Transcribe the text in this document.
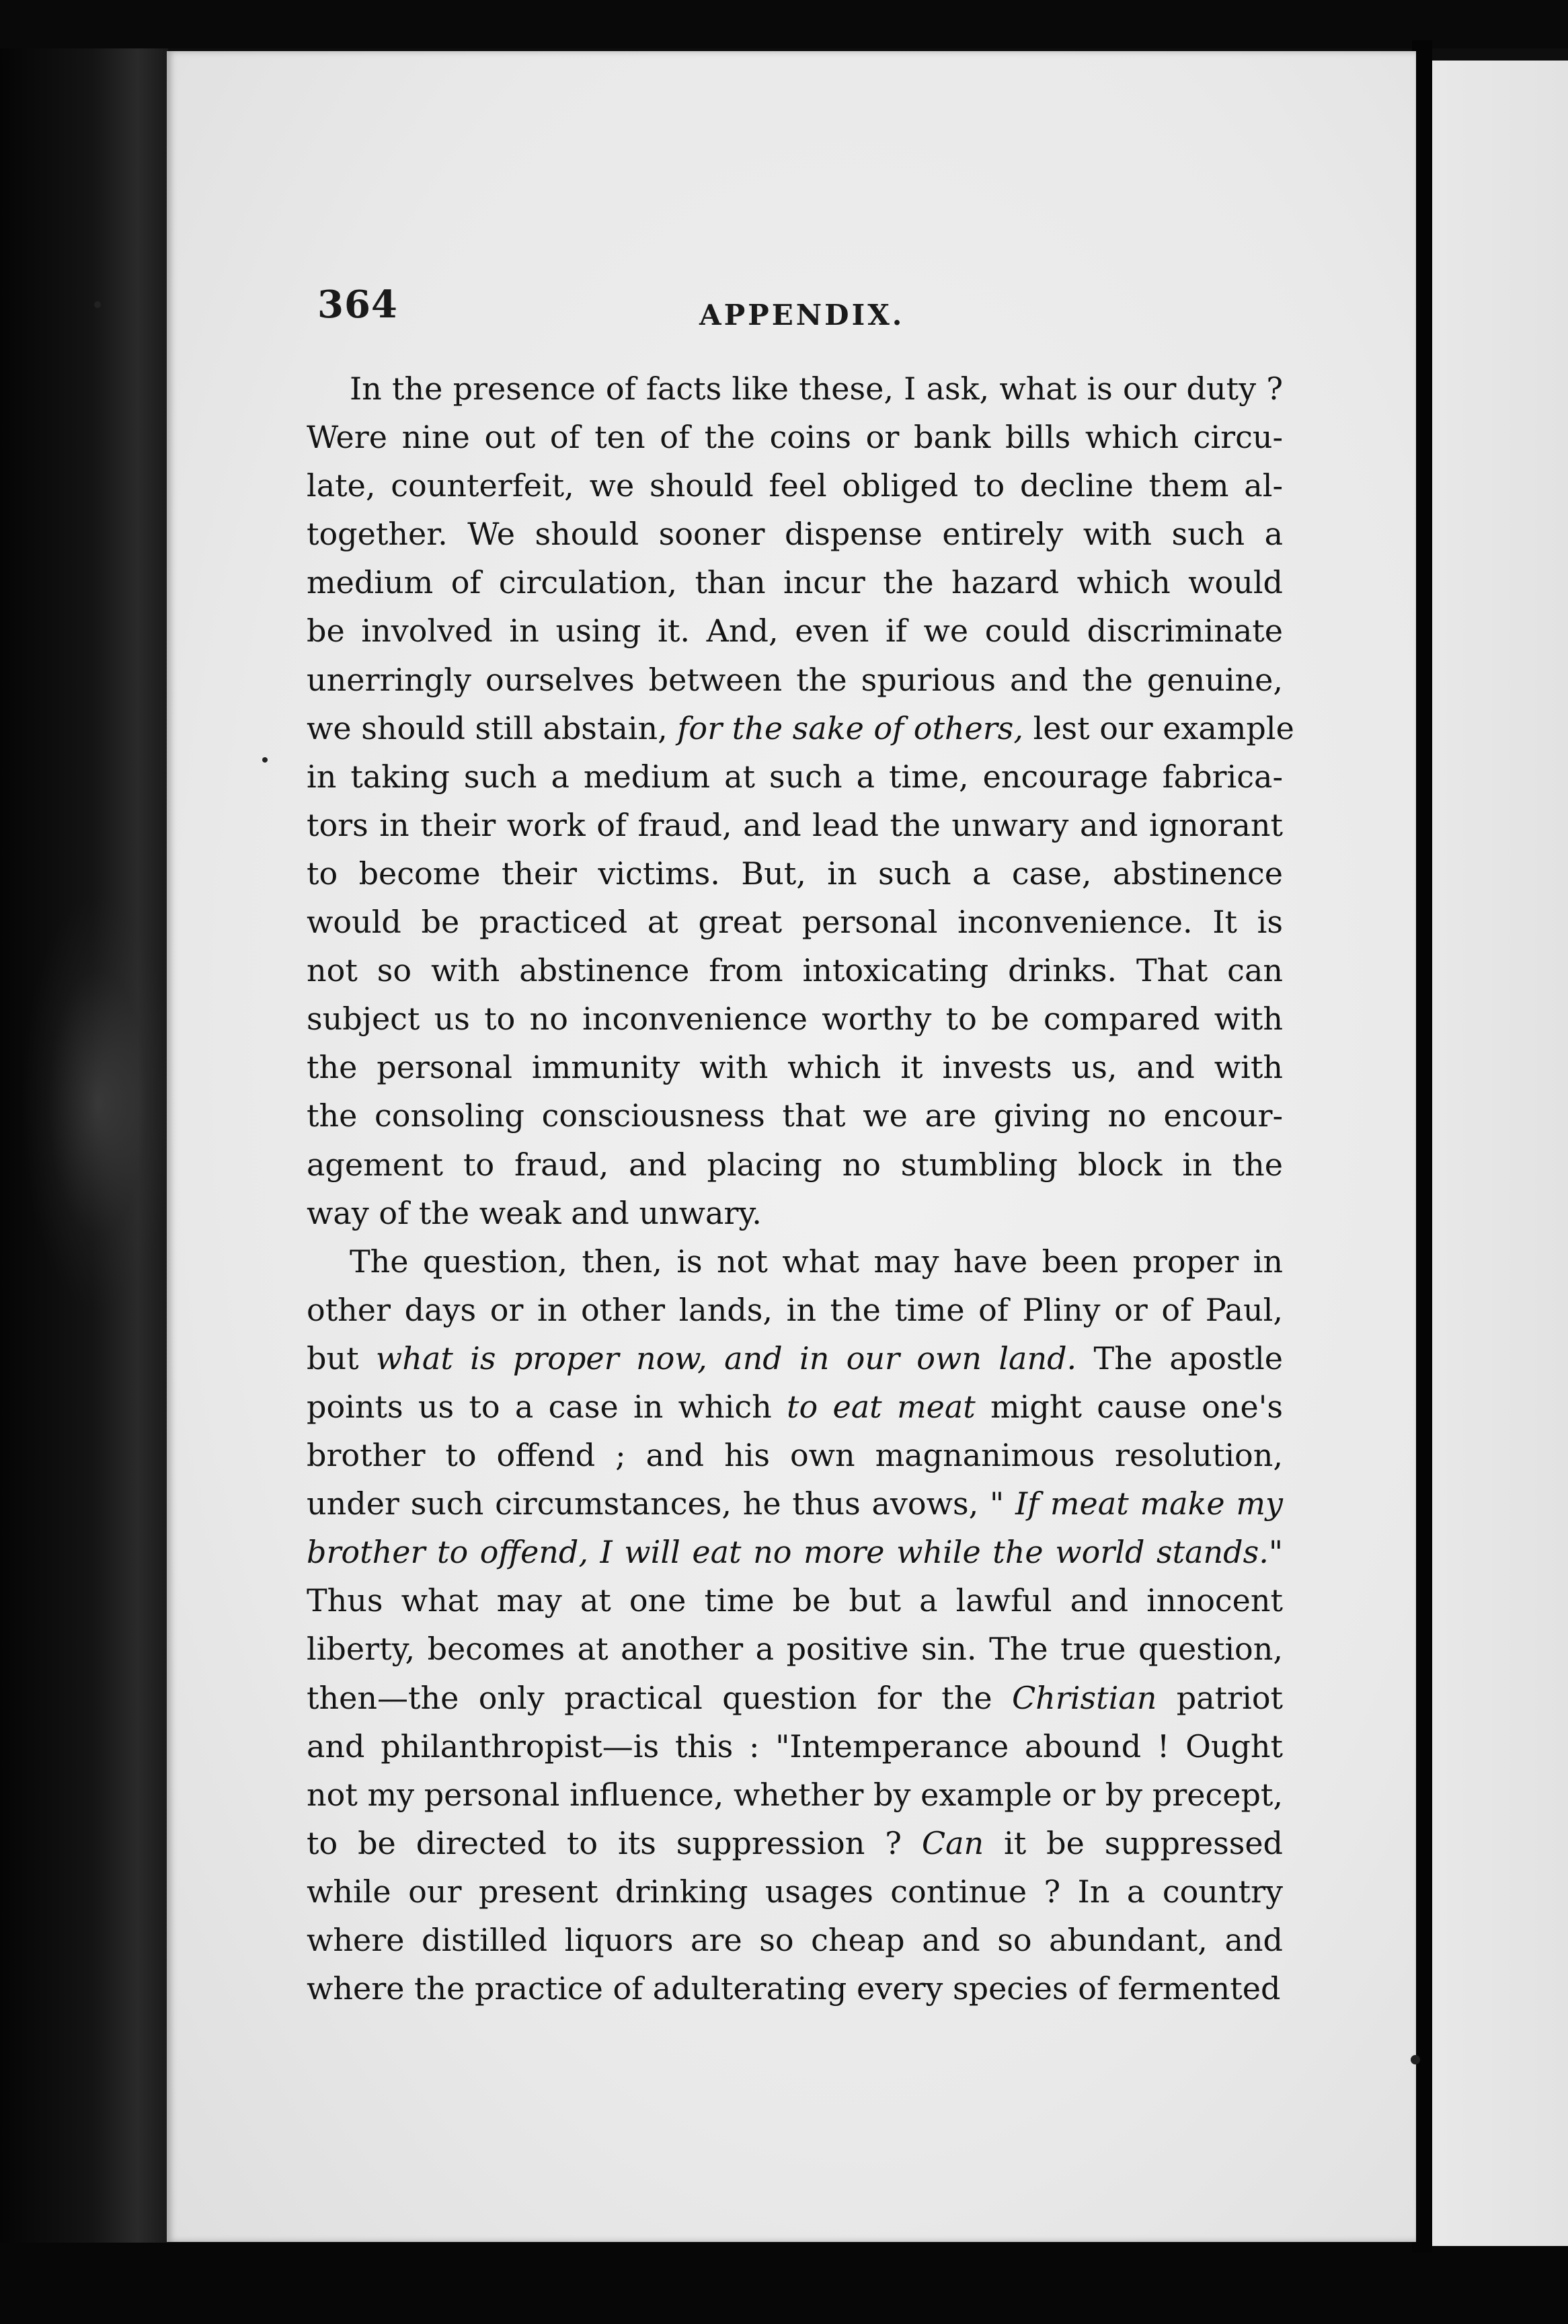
364	APPENDIX.
In the presence of facts like these, I ask, what is our duty ?
Were nine out of ten of the coins or bank bills which circu-
late, counterfeit, we should feel obliged to decline them al-
together. We should sooner dispense entirely with such a
medium of circulation, than incur the hazard which would
be involved in using it. And, even if we could discriminate
unerringly ourselves between the spurious and the genuine,
we should still abstain, for the sake of others, lest our example
in taking such a medium at such a time, encourage fabrica-
tors in their work of fraud, and lead the unwary and ignorant
to become their victims. But, in such a case, abstinence
would be practiced at great personal inconvenience. It is
not so with abstinence from intoxicating drinks. That can
subject us to no inconvenience worthy to be compared with
the personal immunity with which it invests us, and with
the consoling consciousness that we are giving no encour-
agement to fraud, and placing no stumbling block in the
way of the weak and unwary.
The question, then, is not what may have been proper in
other days or in other lands, in the time of Pliny or of Paul,
but what is proper now, and in our own land. The apostle
points us to a case in which to eat meat might cause one's
brother to offend ; and his own magnanimous resolution,
under such circumstances, he thus avows, " If meat make my
brother to offend, I will eat no more while the world stands."
Thus what may at one time be but a lawful and innocent
liberty, becomes at another a positive sin. The true question,
then—the only practical question for the Christian patriot
and philanthropist—is this : "Intemperance abound ! Ought
not my personal influence, whether by example or by precept,
to be directed to its suppression ? Can it be suppressed
while our present drinking usages continue ? In a country
where distilled liquors are so cheap and so abundant, and
where the practice of adulterating every species of fermented
